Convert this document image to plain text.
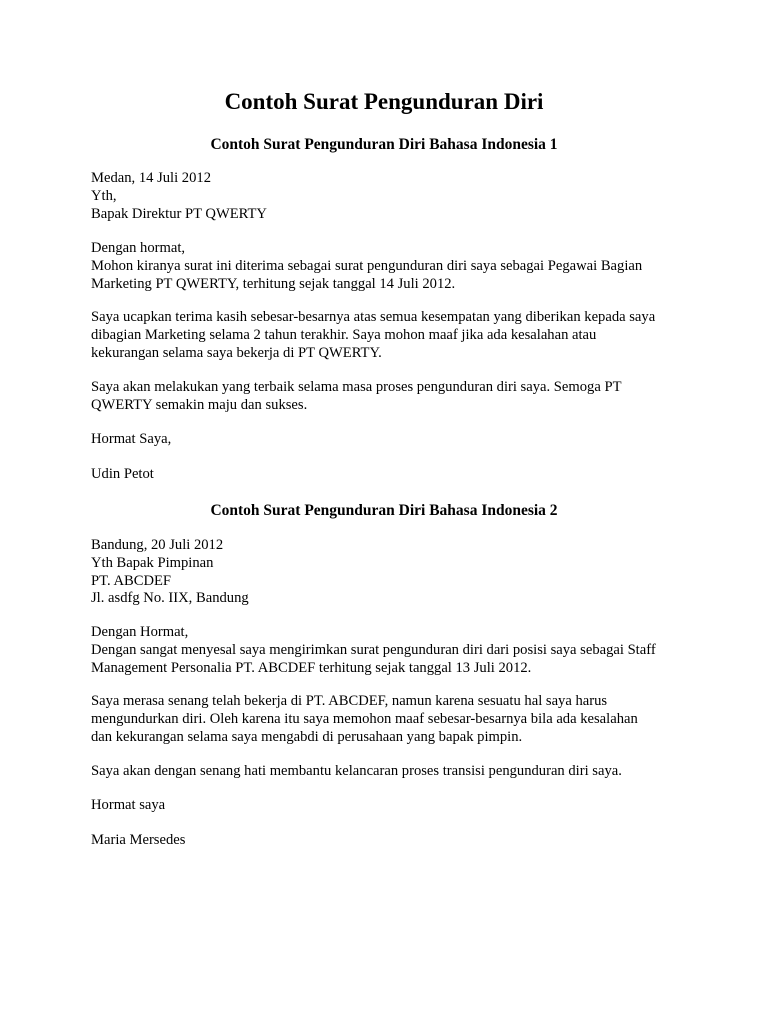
Contoh Surat Pengunduran Diri
Contoh Surat Pengunduran Diri Bahasa Indonesia 1
Medan, 14 Juli 2012
Yth,
Bapak Direktur PT QWERTY
Dengan hormat,
Mohon kiranya surat ini diterima sebagai surat pengunduran diri saya sebagai Pegawai Bagian
Marketing PT QWERTY, terhitung sejak tanggal 14 Juli 2012.
Saya ucapkan terima kasih sebesar-besarnya atas semua kesempatan yang diberikan kepada saya
dibagian Marketing selama 2 tahun terakhir. Saya mohon maaf jika ada kesalahan atau
kekurangan selama saya bekerja di PT QWERTY.
Saya akan melakukan yang terbaik selama masa proses pengunduran diri saya. Semoga PT
QWERTY semakin maju dan sukses.
Hormat Saya,
Udin Petot
Contoh Surat Pengunduran Diri Bahasa Indonesia 2
Bandung, 20 Juli 2012
Yth Bapak Pimpinan
PT. ABCDEF
Jl. asdfg No. IIX, Bandung
Dengan Hormat,
Dengan sangat menyesal saya mengirimkan surat pengunduran diri dari posisi saya sebagai Staff
Management Personalia PT. ABCDEF terhitung sejak tanggal 13 Juli 2012.
Saya merasa senang telah bekerja di PT. ABCDEF, namun karena sesuatu hal saya harus
mengundurkan diri. Oleh karena itu saya memohon maaf sebesar-besarnya bila ada kesalahan
dan kekurangan selama saya mengabdi di perusahaan yang bapak pimpin.
Saya akan dengan senang hati membantu kelancaran proses transisi pengunduran diri saya.
Hormat saya
Maria Mersedes
